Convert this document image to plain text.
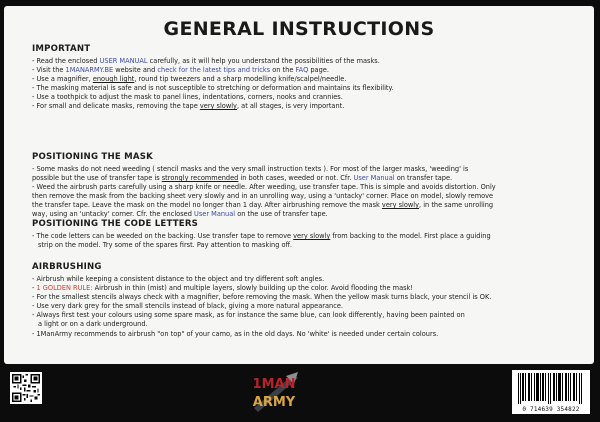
GENERAL INSTRUCTIONS
IMPORTANT
- Read the enclosed USER MANUAL carefully, as it will help you understand the possibilities of the masks.
- Visit the 1MANARMY.BE website and check for the latest tips and tricks on the FAQ page.
- Use a magnifier, enough light, round tip tweezers and a sharp modelling knife/scalpel/needle.
- The masking material is safe and is not susceptible to stretching or deformation and maintains its flexibility.
- Use a toothpick to adjust the mask to panel lines, indentations, corners, nooks and crannies.
- For small and delicate masks, removing the tape very slowly, at all stages, is very important.
POSITIONING THE MASK
- Some masks do not need weeding ( stencil masks and the very small instruction texts ). For most of the larger masks, 'weeding' is
possible but the use of transfer tape is strongly recommended in both cases, weeded or not. Cfr. User Manual on transfer tape.
- Weed the airbrush parts carefully using a sharp knife or needle. After weeding, use transfer tape. This is simple and avoids distortion. Only
then remove the mask from the backing sheet very slowly and in an unrolling way, using a 'untacky' corner. Place on model, slowly remove
the transfer tape. Leave the mask on the model no longer than 1 day. After airbrushing remove the mask very slowly, in the same unrolling
way, using an 'untacky' corner. Cfr. the enclosed User Manual on the use of transfer tape.
POSITIONING THE CODE LETTERS
- The code letters can be weeded on the backing. Use transfer tape to remove very slowly from backing to the model. First place a guiding
strip on the model. Try some of the spares first. Pay attention to masking off.
AIRBRUSHING
- Airbrush while keeping a consistent distance to the object and try different soft angles.
- 1 GOLDEN RULE: Airbrush in thin (mist) and multiple layers, slowly building up the color. Avoid flooding the mask!
- For the smallest stencils always check with a magnifier, before removing the mask. When the yellow mask turns black, your stencil is OK.
- Use very dark grey for the small stencils instead of black, giving a more natural appearance.
- Always first test your colours using some spare mask, as for instance the same blue, can look differently, having been painted on
a light or on a dark underground.
- 1ManArmy recommends to airbrush "on top" of your camo, as in the old days. No 'white' is needed under certain colours.
1MAN
ARMY	0 714639 354822
